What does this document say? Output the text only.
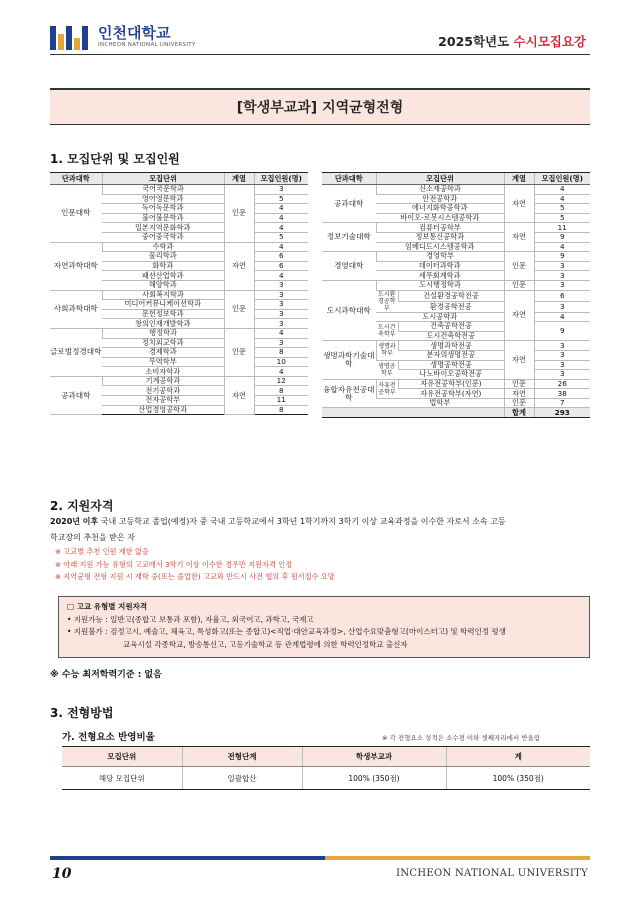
인천대학교
INCHEON NATIONAL UNIVERSITY	2025학년도 수시모집요강
[학생부교과] 지역균형전형
1. 모집단위 및 모집인원
단과대학	모집단위	계열	모집인원(명)
인문대학	국어국문학과	인문	3
	영어영문학과		5
	독어독문학과		4
	불어불문학과		4
	일본지역문화학과		4
	중어중국학과		5
자연과학대학	수학과	자연	4
	물리학과		6
	화학과		6
	패션산업학과		4
	해양학과		3
사회과학대학	사회복지학과	인문	3
	미디어커뮤니케이션학과		3
	문헌정보학과		3
	창의인재개발학과		3
글로벌정경대학	행정학과	인문	4
	정치외교학과		3
	경제학과		8
	무역학부		10
	소비자학과		4
공과대학	기계공학과	자연	12
	전기공학과		8
	전자공학부		11
	산업경영공학과		8
단과대학	모집단위		계열	모집인원(명)
공과대학	신소재공학과		자연	4
	안전공학과			4
	에너지화학공학과			5
	바이오-로봇시스템공학과			5
정보기술대학	컴퓨터공학부		자연	11
	정보통신공학과			9
	임베디드시스템공학과			4
경영대학	경영학부		인문	9
	데이터과학과			3
	세무회계학과			3
도시과학대학	도시행정학과		인문	3
	도시환경공학부	건설환경공학전공	자연	6
		환경공학전공		3
	도시공학과			4
	도시건축학부	건축공학전공		9
		도시건축학전공		
생명과학기술대학	생명과학부	생명과학전공	자연	3
		분자의생명전공		3
	생명공학부	생명공학전공		3
		나노바이오공학전공		3
융합자유전공대학	자유전공학부	자유전공학부(인문)	인문	26
		자유전공학부(자연)	자연	38
	법학부		인문	7
			합계	293
2. 지원자격
2020년 이후 국내 고등학교 졸업(예정)자 중 국내 고등학교에서 3학년 1학기까지 3학기 이상 교육과정을 이수한 자로서 소속 고등
학교장의 추천을 받은 자
※ 고교별 추천 인원 제한 없음
※ 아래 지원 가능 유형의 고교에서 3학기 이상 이수한 경우만 지원자격 인정
※ 지역균형 전형 지원 시 재학 중(또는 졸업한) 고교와 반드시 사전 협의 후 원서접수 요망
□ 고교 유형별 지원자격
• 지원가능 : 일반고(종합고 보통과 포함), 자율고, 외국어고, 과학고, 국제고
• 지원불가 : 검정고시, 예술고, 체육고, 특성화고(또는 종합고)<직업·대안교육과정>, 산업수요맞춤형고(마이스터고) 및 학력인정 평생
교육시설 각종학교, 방송통신고, 고등기술학교 등 관계법령에 의한 학력인정학교 출신자
※ 수능 최저학력기준 : 없음
3. 전형방법
가. 전형요소 반영비율	※ 각 전형요소 성적은 소수점 이하 셋째자리에서 반올림
모집단위	전형단계	학생부교과	계
해당 모집단위	일괄합산	100% (350점)	100% (350점)
10	INCHEON NATIONAL UNIVERSITY
